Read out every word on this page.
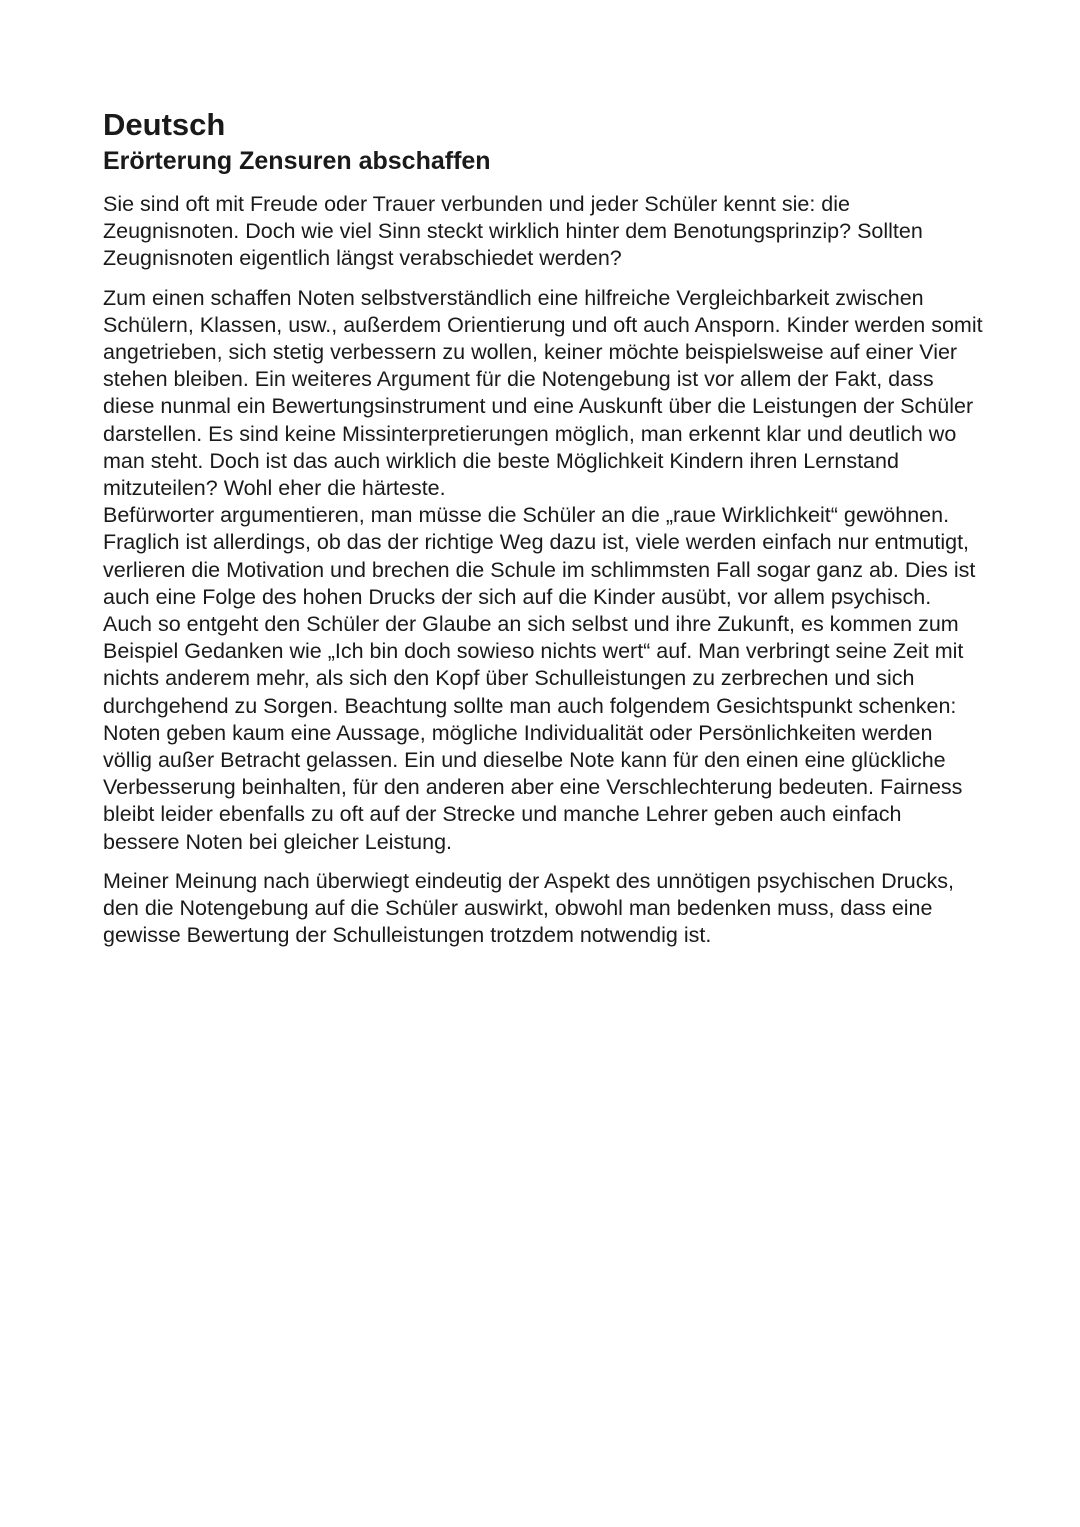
Deutsch
Erörterung Zensuren abschaffen

Sie sind oft mit Freude oder Trauer verbunden und jeder Schüler kennt sie: die Zeugnisnoten. Doch wie viel Sinn steckt wirklich hinter dem Benotungsprinzip? Sollten Zeugnisnoten eigentlich längst verabschiedet werden?

Zum einen schaffen Noten selbstverständlich eine hilfreiche Vergleichbarkeit zwischen Schülern, Klassen, usw., außerdem Orientierung und oft auch Ansporn. Kinder werden somit angetrieben, sich stetig verbessern zu wollen, keiner möchte beispielsweise auf einer Vier stehen bleiben. Ein weiteres Argument für die Notengebung ist vor allem der Fakt, dass diese nunmal ein Bewertungsinstrument und eine Auskunft über die Leistungen der Schüler darstellen. Es sind keine Missinterpretierungen möglich, man erkennt klar und deutlich wo man steht. Doch ist das auch wirklich die beste Möglichkeit Kindern ihren Lernstand mitzuteilen? Wohl eher die härteste.

Befürworter argumentieren, man müsse die Schüler an die „raue Wirklichkeit“ gewöhnen. Fraglich ist allerdings, ob das der richtige Weg dazu ist, viele werden einfach nur entmutigt, verlieren die Motivation und brechen die Schule im schlimmsten Fall sogar ganz ab. Dies ist auch eine Folge des hohen Drucks der sich auf die Kinder ausübt, vor allem psychisch. Auch so entgeht den Schüler der Glaube an sich selbst und ihre Zukunft, es kommen zum Beispiel Gedanken wie „Ich bin doch sowieso nichts wert“ auf. Man verbringt seine Zeit mit nichts anderem mehr, als sich den Kopf über Schulleistungen zu zerbrechen und sich durchgehend zu Sorgen. Beachtung sollte man auch folgendem Gesichtspunkt schenken: Noten geben kaum eine Aussage, mögliche Individualität oder Persönlichkeiten werden völlig außer Betracht gelassen. Ein und dieselbe Note kann für den einen eine glückliche Verbesserung beinhalten, für den anderen aber eine Verschlechterung bedeuten. Fairness bleibt leider ebenfalls zu oft auf der Strecke und manche Lehrer geben auch einfach bessere Noten bei gleicher Leistung.

Meiner Meinung nach überwiegt eindeutig der Aspekt des unnötigen psychischen Drucks, den die Notengebung auf die Schüler auswirkt, obwohl man bedenken muss, dass eine gewisse Bewertung der Schulleistungen trotzdem notwendig ist.
